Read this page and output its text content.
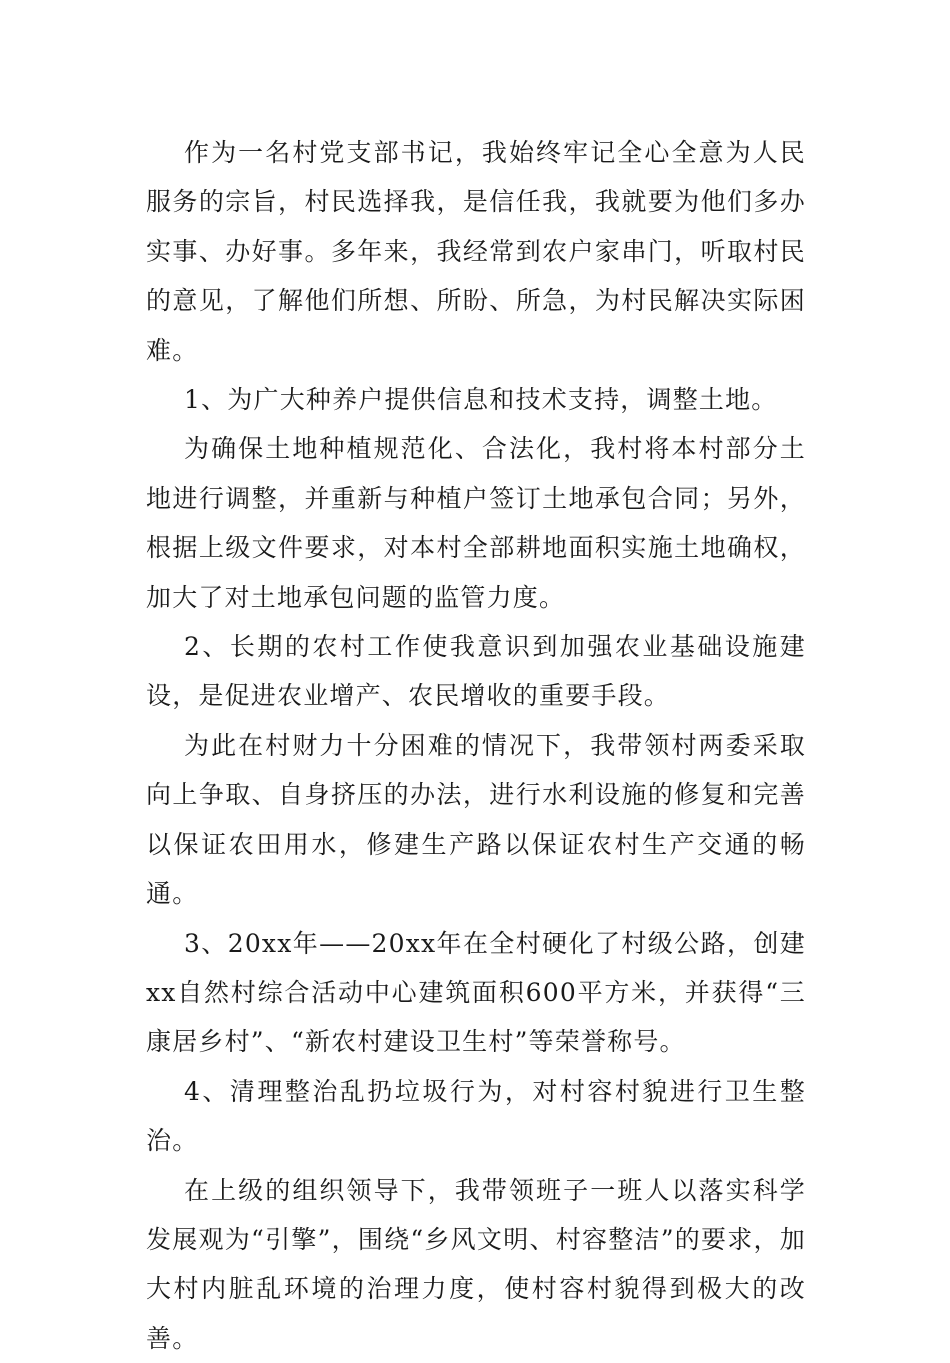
作为一名村党支部书记，我始终牢记全心全意为人民服务的宗旨，村民选择我，是信任我，我就要为他们多办实事、办好事。多年来，我经常到农户家串门，听取村民的意见，了解他们所想、所盼、所急，为村民解决实际困难。

1、为广大种养户提供信息和技术支持，调整土地。

为确保土地种植规范化、合法化，我村将本村部分土地进行调整，并重新与种植户签订土地承包合同；另外，根据上级文件要求，对本村全部耕地面积实施土地确权，加大了对土地承包问题的监管力度。

2、长期的农村工作使我意识到加强农业基础设施建设，是促进农业增产、农民增收的重要手段。

为此在村财力十分困难的情况下，我带领村两委采取向上争取、自身挤压的办法，进行水利设施的修复和完善以保证农田用水，修建生产路以保证农村生产交通的畅通。

3、20xx年——20xx年在全村硬化了村级公路，创建xx自然村综合活动中心建筑面积600平方米，并获得“三康居乡村”、“新农村建设卫生村”等荣誉称号。

4、清理整治乱扔垃圾行为，对村容村貌进行卫生整治。

在上级的组织领导下，我带领班子一班人以落实科学发展观为“引擎”，围绕“乡风文明、村容整洁”的要求，加大村内脏乱环境的治理力度，使村容村貌得到极大的改善。
